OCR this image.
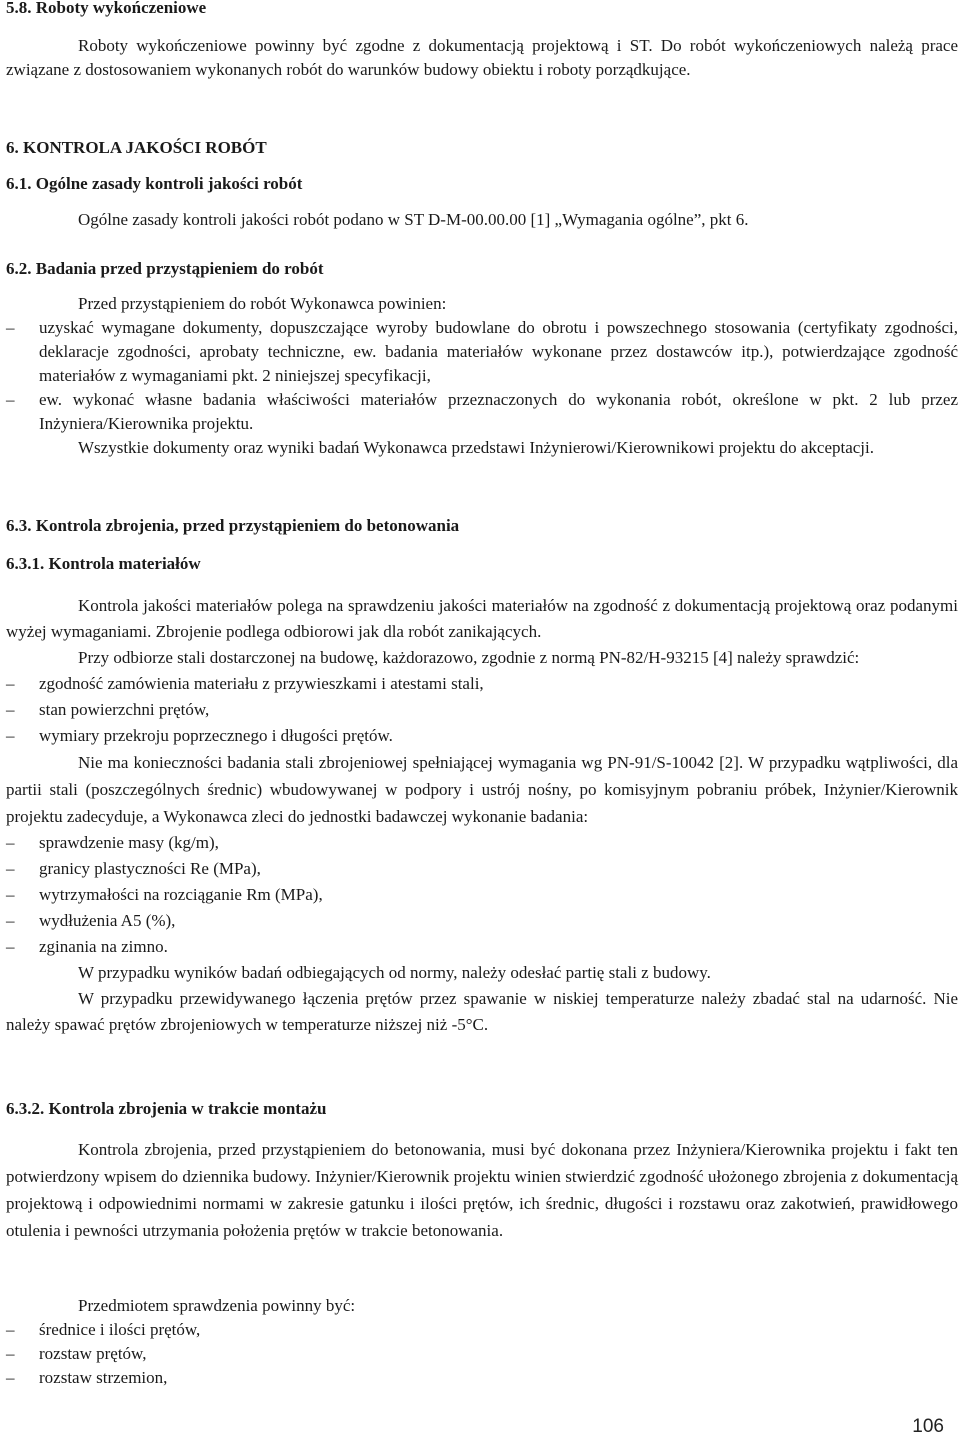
5.8. Roboty wykończeniowe

Roboty wykończeniowe powinny być zgodne z dokumentacją projektową i ST. Do robót wykończeniowych należą prace związane z dostosowaniem wykonanych robót do warunków budowy obiektu i roboty porządkujące.

6. KONTROLA JAKOŚCI ROBÓT
6.1. Ogólne zasady kontroli jakości robót

Ogólne zasady kontroli jakości robót podano w ST D-M-00.00.00 [1] „Wymagania ogólne”, pkt 6.

6.2. Badania przed przystąpieniem do robót

Przed przystąpieniem do robót Wykonawca powinien:

– uzyskać wymagane dokumenty, dopuszczające wyroby budowlane do obrotu i powszechnego stosowania (certyfikaty zgodności, deklaracje zgodności, aprobaty techniczne, ew. badania materiałów wykonane przez dostawców itp.), potwierdzające zgodność materiałów z wymaganiami pkt. 2 niniejszej specyfikacji,
– ew. wykonać własne badania właściwości materiałów przeznaczonych do wykonania robót, określone w pkt. 2 lub przez Inżyniera/Kierownika projektu.

Wszystkie dokumenty oraz wyniki badań Wykonawca przedstawi Inżynierowi/Kierownikowi projektu do akceptacji.

6.3. Kontrola zbrojenia, przed przystąpieniem do betonowania
6.3.1. Kontrola materiałów

Kontrola jakości materiałów polega na sprawdzeniu jakości materiałów na zgodność z dokumentacją projektową oraz podanymi wyżej wymaganiami. Zbrojenie podlega odbiorowi jak dla robót zanikających.

Przy odbiorze stali dostarczonej na budowę, każdorazowo, zgodnie z normą PN-82/H-93215 [4] należy sprawdzić:

– zgodność zamówienia materiału z przywieszkami i atestami stali,
– stan powierzchni prętów,
– wymiary przekroju poprzecznego i długości prętów.

Nie ma konieczności badania stali zbrojeniowej spełniającej wymagania wg PN-91/S-10042 [2]. W przypadku wątpliwości, dla partii stali (poszczególnych średnic) wbudowywanej w podpory i ustrój nośny, po komisyjnym pobraniu próbek, Inżynier/Kierownik projektu zadecyduje, a Wykonawca zleci do jednostki badawczej wykonanie badania:

– sprawdzenie masy (kg/m),
– granicy plastyczności Re (MPa),
– wytrzymałości na rozciąganie Rm (MPa),
– wydłużenia A5 (%),
– zginania na zimno.

W przypadku wyników badań odbiegających od normy, należy odesłać partię stali z budowy.

W przypadku przewidywanego łączenia prętów przez spawanie w niskiej temperaturze należy zbadać stal na udarność. Nie należy spawać prętów zbrojeniowych w temperaturze niższej niż -5°C.

6.3.2. Kontrola zbrojenia w trakcie montażu

Kontrola zbrojenia, przed przystąpieniem do betonowania, musi być dokonana przez Inżyniera/Kierownika projektu i fakt ten potwierdzony wpisem do dziennika budowy. Inżynier/Kierownik projektu winien stwierdzić zgodność ułożonego zbrojenia z dokumentacją projektową i odpowiednimi normami w zakresie gatunku i ilości prętów, ich średnic, długości i rozstawu oraz zakotwień, prawidłowego otulenia i pewności utrzymania położenia prętów w trakcie betonowania.

Przedmiotem sprawdzenia powinny być:

– średnice i ilości prętów,
– rozstaw prętów,
– rozstaw strzemion,
106
